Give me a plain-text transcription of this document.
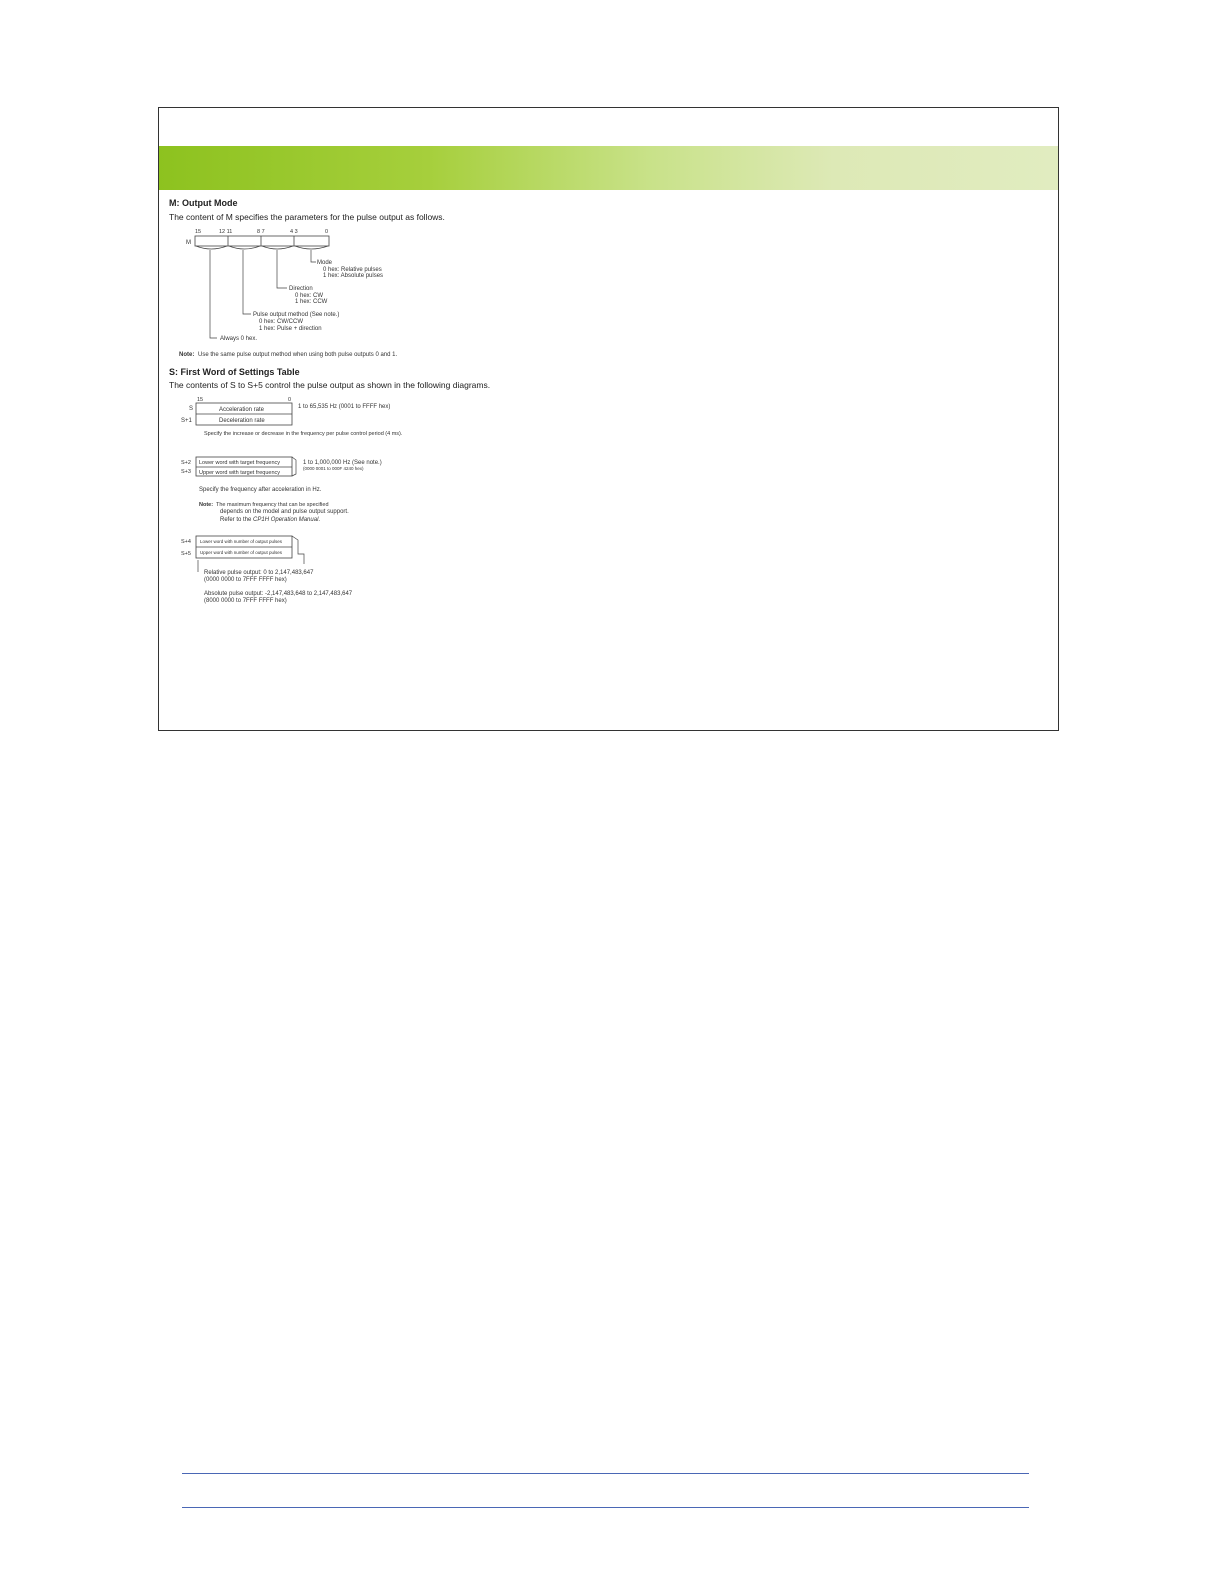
M: Output Mode

The content of M specifies the parameters for the pulse output as follows.

15	12 11	8 7	4 3	0
M
Mode
0 hex: Relative pulses
1 hex: Absolute pulses
Direction
0 hex: CW
1 hex: CCW
Pulse output method (See note.)
0 hex: CW/CCW
1 hex: Pulse + direction
Always 0 hex.
Note: Use the same pulse output method when using both pulse outputs 0 and 1.

S: First Word of Settings Table

The contents of S to S+5 control the pulse output as shown in the following diagrams.

15	0
S
S+1
Acceleration rate
Deceleration rate
1 to 65,535 Hz (0001 to FFFF hex)
Specify the increase or decrease in the frequency per pulse control period (4 ms).
S+2
S+3
Lower word with target frequency
Upper word with target frequency
1 to 1,000,000 Hz (See note.)
(0000 0001 to 000F 4240 hex)
Specify the frequency after acceleration in Hz.
Note: The maximum frequency that can be specified
depends on the model and pulse output support.
Refer to the CP1H Operation Manual.
S+4
S+5
Lower word with number of output pulses
Upper word with number of output pulses
Relative pulse output: 0 to 2,147,483,647
(0000 0000 to 7FFF FFFF hex)
Absolute pulse output: -2,147,483,648 to 2,147,483,647
(8000 0000 to 7FFF FFFF hex)
